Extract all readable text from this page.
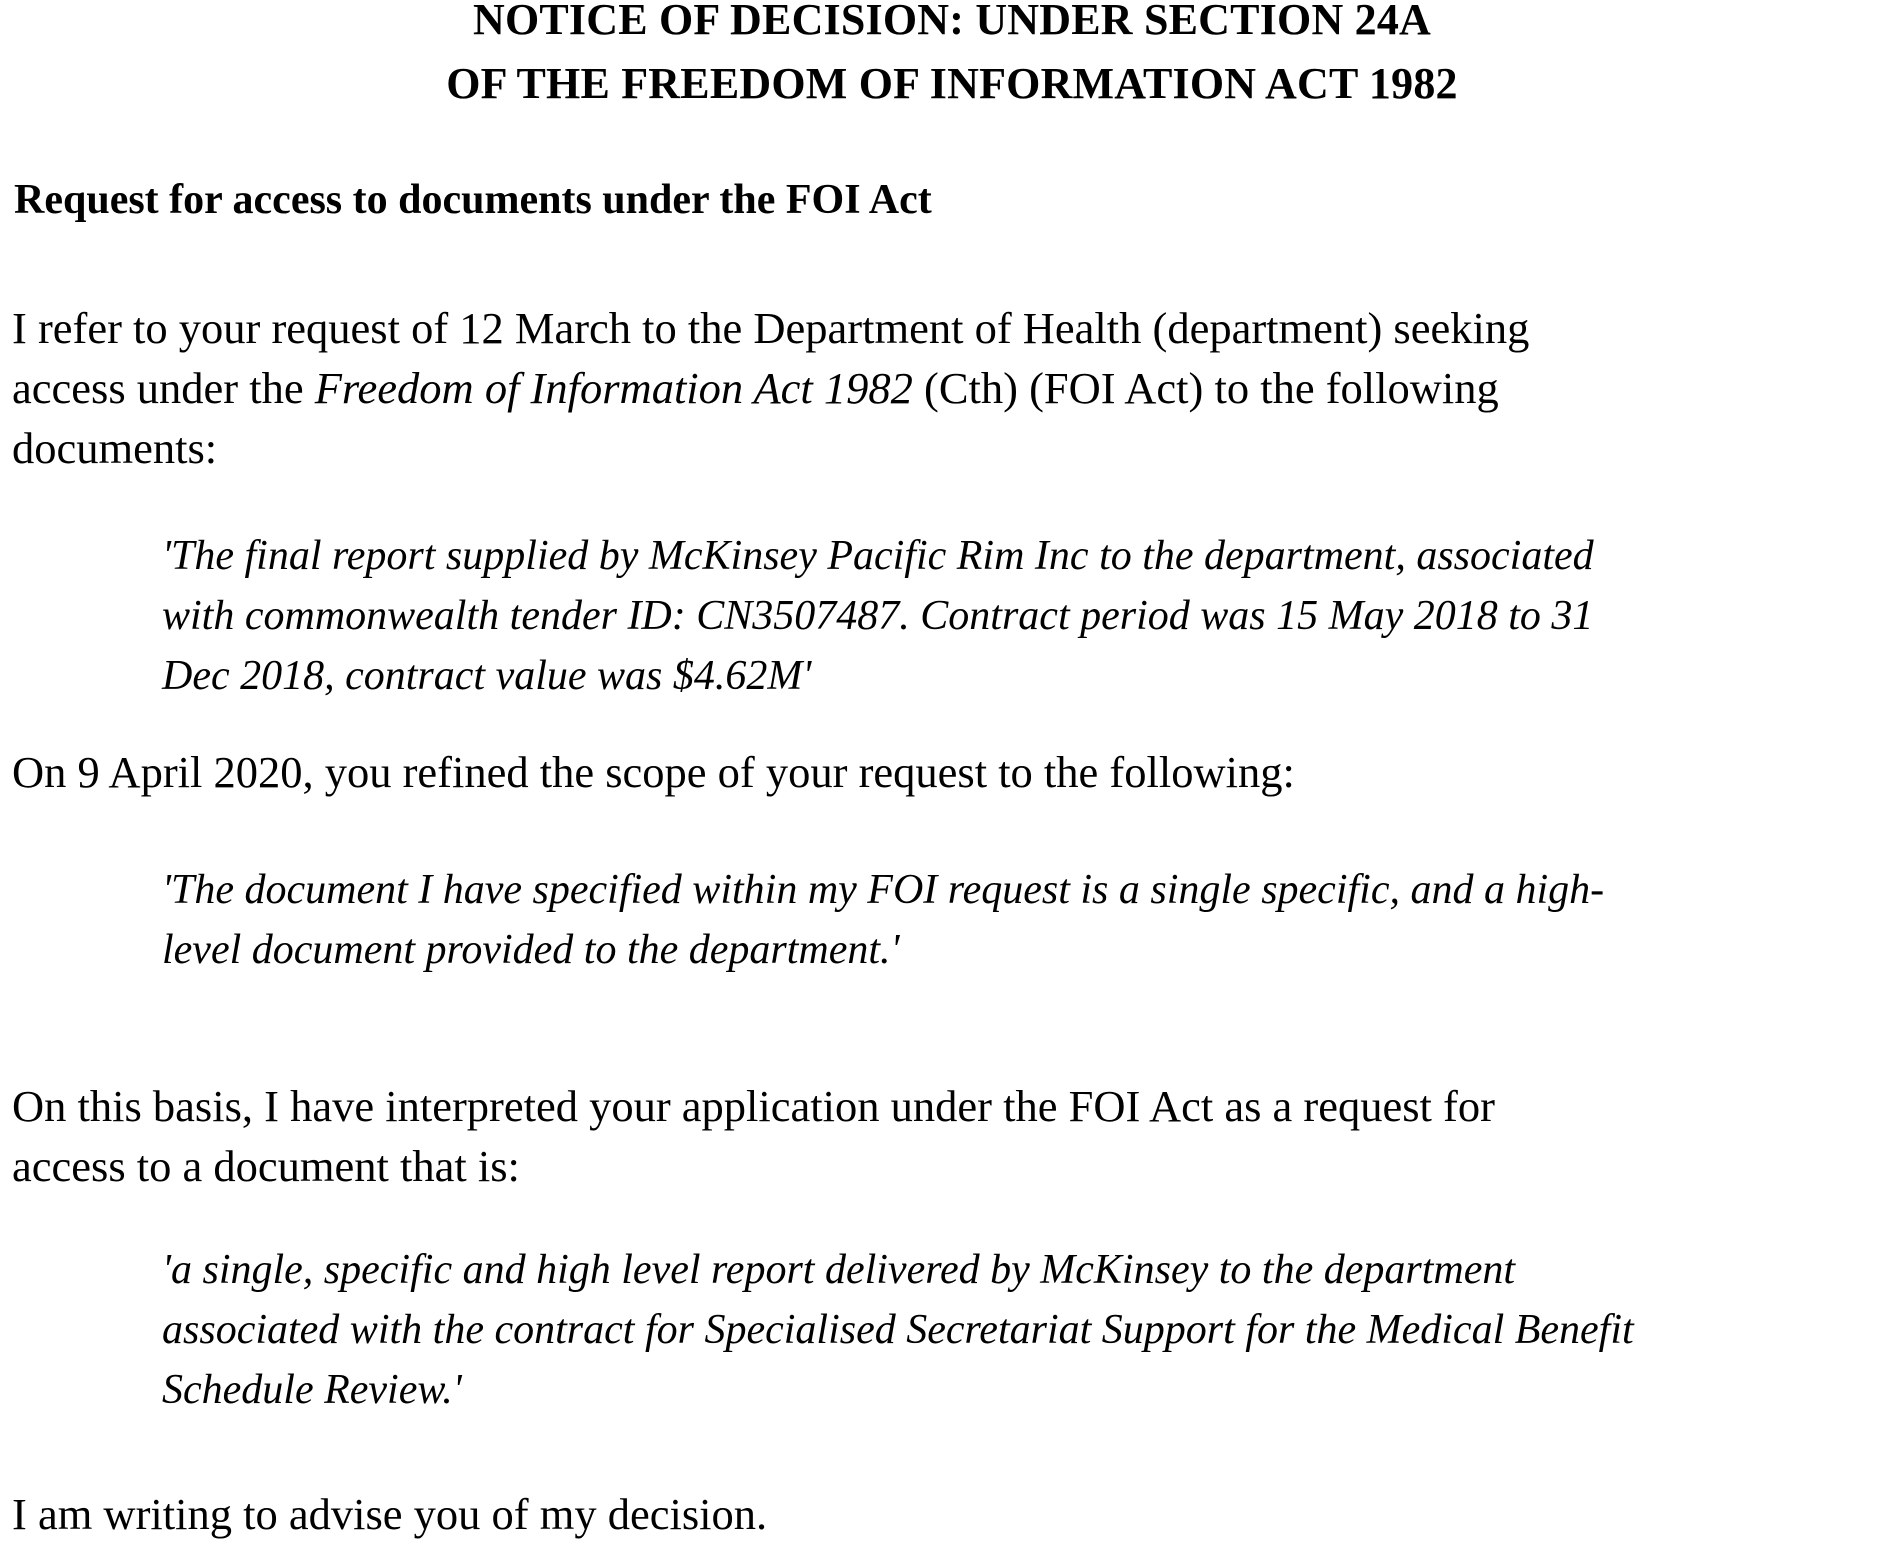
NOTICE OF DECISION: UNDER SECTION 24A
OF THE FREEDOM OF INFORMATION ACT 1982
Request for access to documents under the FOI Act
I refer to your request of 12 March to the Department of Health (department) seeking
access under the Freedom of Information Act 1982 (Cth) (FOI Act) to the following
documents:
'The final report supplied by McKinsey Pacific Rim Inc to the department, associated
with commonwealth tender ID: CN3507487. Contract period was 15 May 2018 to 31
Dec 2018, contract value was $4.62M'
On 9 April 2020, you refined the scope of your request to the following:
'The document I have specified within my FOI request is a single specific, and a high-
level document provided to the department.'
On this basis, I have interpreted your application under the FOI Act as a request for
access to a document that is:
'a single, specific and high level report delivered by McKinsey to the department
associated with the contract for Specialised Secretariat Support for the Medical Benefit
Schedule Review.'
I am writing to advise you of my decision.
